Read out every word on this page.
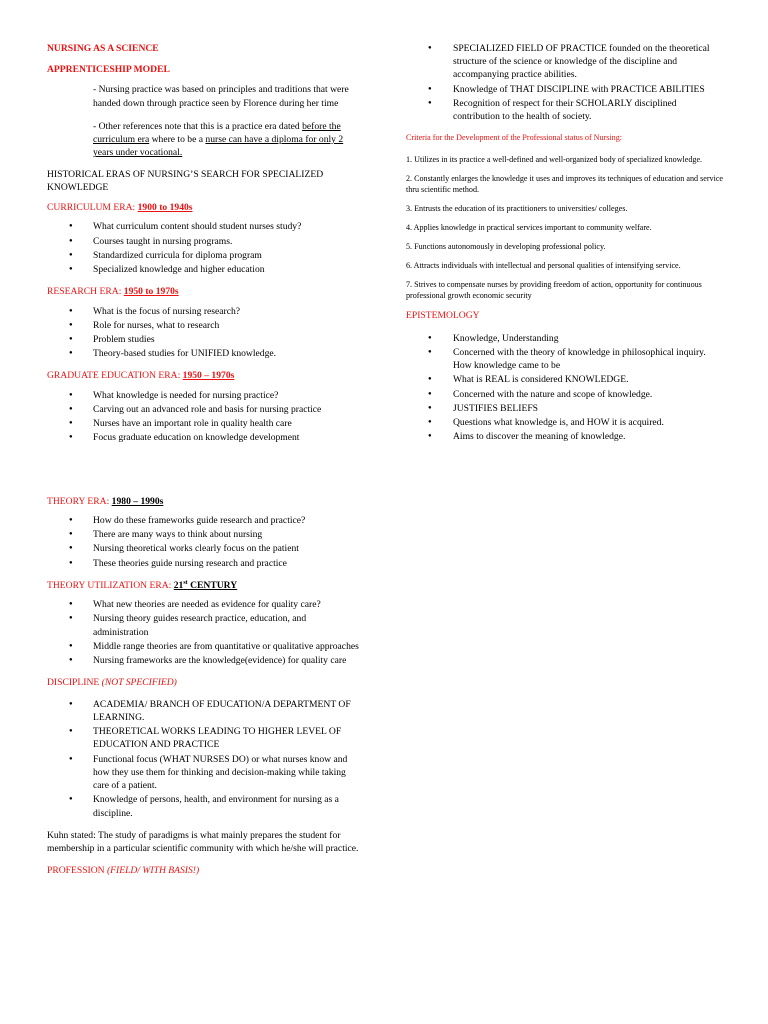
NURSING AS A SCIENCE
APPRENTICESHIP MODEL
- Nursing practice was based on principles and traditions that were handed down through practice seen by Florence during her time
- Other references note that this is a practice era dated before the curriculum era where to be a nurse can have a diploma for only 2 years under vocational.
HISTORICAL ERAS OF NURSING’S SEARCH FOR SPECIALIZED KNOWLEDGE
CURRICULUM ERA: 1900 to 1940s
● What curriculum content should student nurses study?
● Courses taught in nursing programs.
● Standardized curricula for diploma program
● Specialized knowledge and higher education
RESEARCH ERA: 1950 to 1970s
● What is the focus of nursing research?
● Role for nurses, what to research
● Problem studies
● Theory-based studies for UNIFIED knowledge.
GRADUATE EDUCATION ERA: 1950 – 1970s
● What knowledge is needed for nursing practice?
● Carving out an advanced role and basis for nursing practice
● Nurses have an important role in quality health care
● Focus graduate education on knowledge development
THEORY ERA: 1980 – 1990s
● How do these frameworks guide research and practice?
● There are many ways to think about nursing
● Nursing theoretical works clearly focus on the patient
● These theories guide nursing research and practice
THEORY UTILIZATION ERA: 21st CENTURY
● What new theories are needed as evidence for quality care?
● Nursing theory guides research practice, education, and administration
● Middle range theories are from quantitative or qualitative approaches
● Nursing frameworks are the knowledge(evidence) for quality care
DISCIPLINE (NOT SPECIFIED)
● ACADEMIA/ BRANCH OF EDUCATION/A DEPARTMENT OF LEARNING.
● THEORETICAL WORKS LEADING TO HIGHER LEVEL OF EDUCATION AND PRACTICE
● Functional focus (WHAT NURSES DO) or what nurses know and how they use them for thinking and decision-making while taking care of a patient.
● Knowledge of persons, health, and environment for nursing as a discipline.
Kuhn stated: The study of paradigms is what mainly prepares the student for membership in a particular scientific community with which he/she will practice.
PROFESSION (FIELD/ WITH BASIS!)
● SPECIALIZED FIELD OF PRACTICE founded on the theoretical structure of the science or knowledge of the discipline and accompanying practice abilities.
● Knowledge of THAT DISCIPLINE with PRACTICE ABILITIES
● Recognition of respect for their SCHOLARLY disciplined contribution to the health of society.
Criteria for the Development of the Professional status of Nursing:
1. Utilizes in its practice a well-defined and well-organized body of specialized knowledge.
2. Constantly enlarges the knowledge it uses and improves its techniques of education and service thru scientific method.
3. Entrusts the education of its practitioners to universities/ colleges.
4. Applies knowledge in practical services important to community welfare.
5. Functions autonomously in developing professional policy.
6. Attracts individuals with intellectual and personal qualities of intensifying service.
7. Strives to compensate nurses by providing freedom of action, opportunity for continuous professional growth economic security
EPISTEMOLOGY
● Knowledge, Understanding
● Concerned with the theory of knowledge in philosophical inquiry. How knowledge came to be
● What is REAL is considered KNOWLEDGE.
● Concerned with the nature and scope of knowledge.
● JUSTIFIES BELIEFS
● Questions what knowledge is, and HOW it is acquired.
● Aims to discover the meaning of knowledge.
